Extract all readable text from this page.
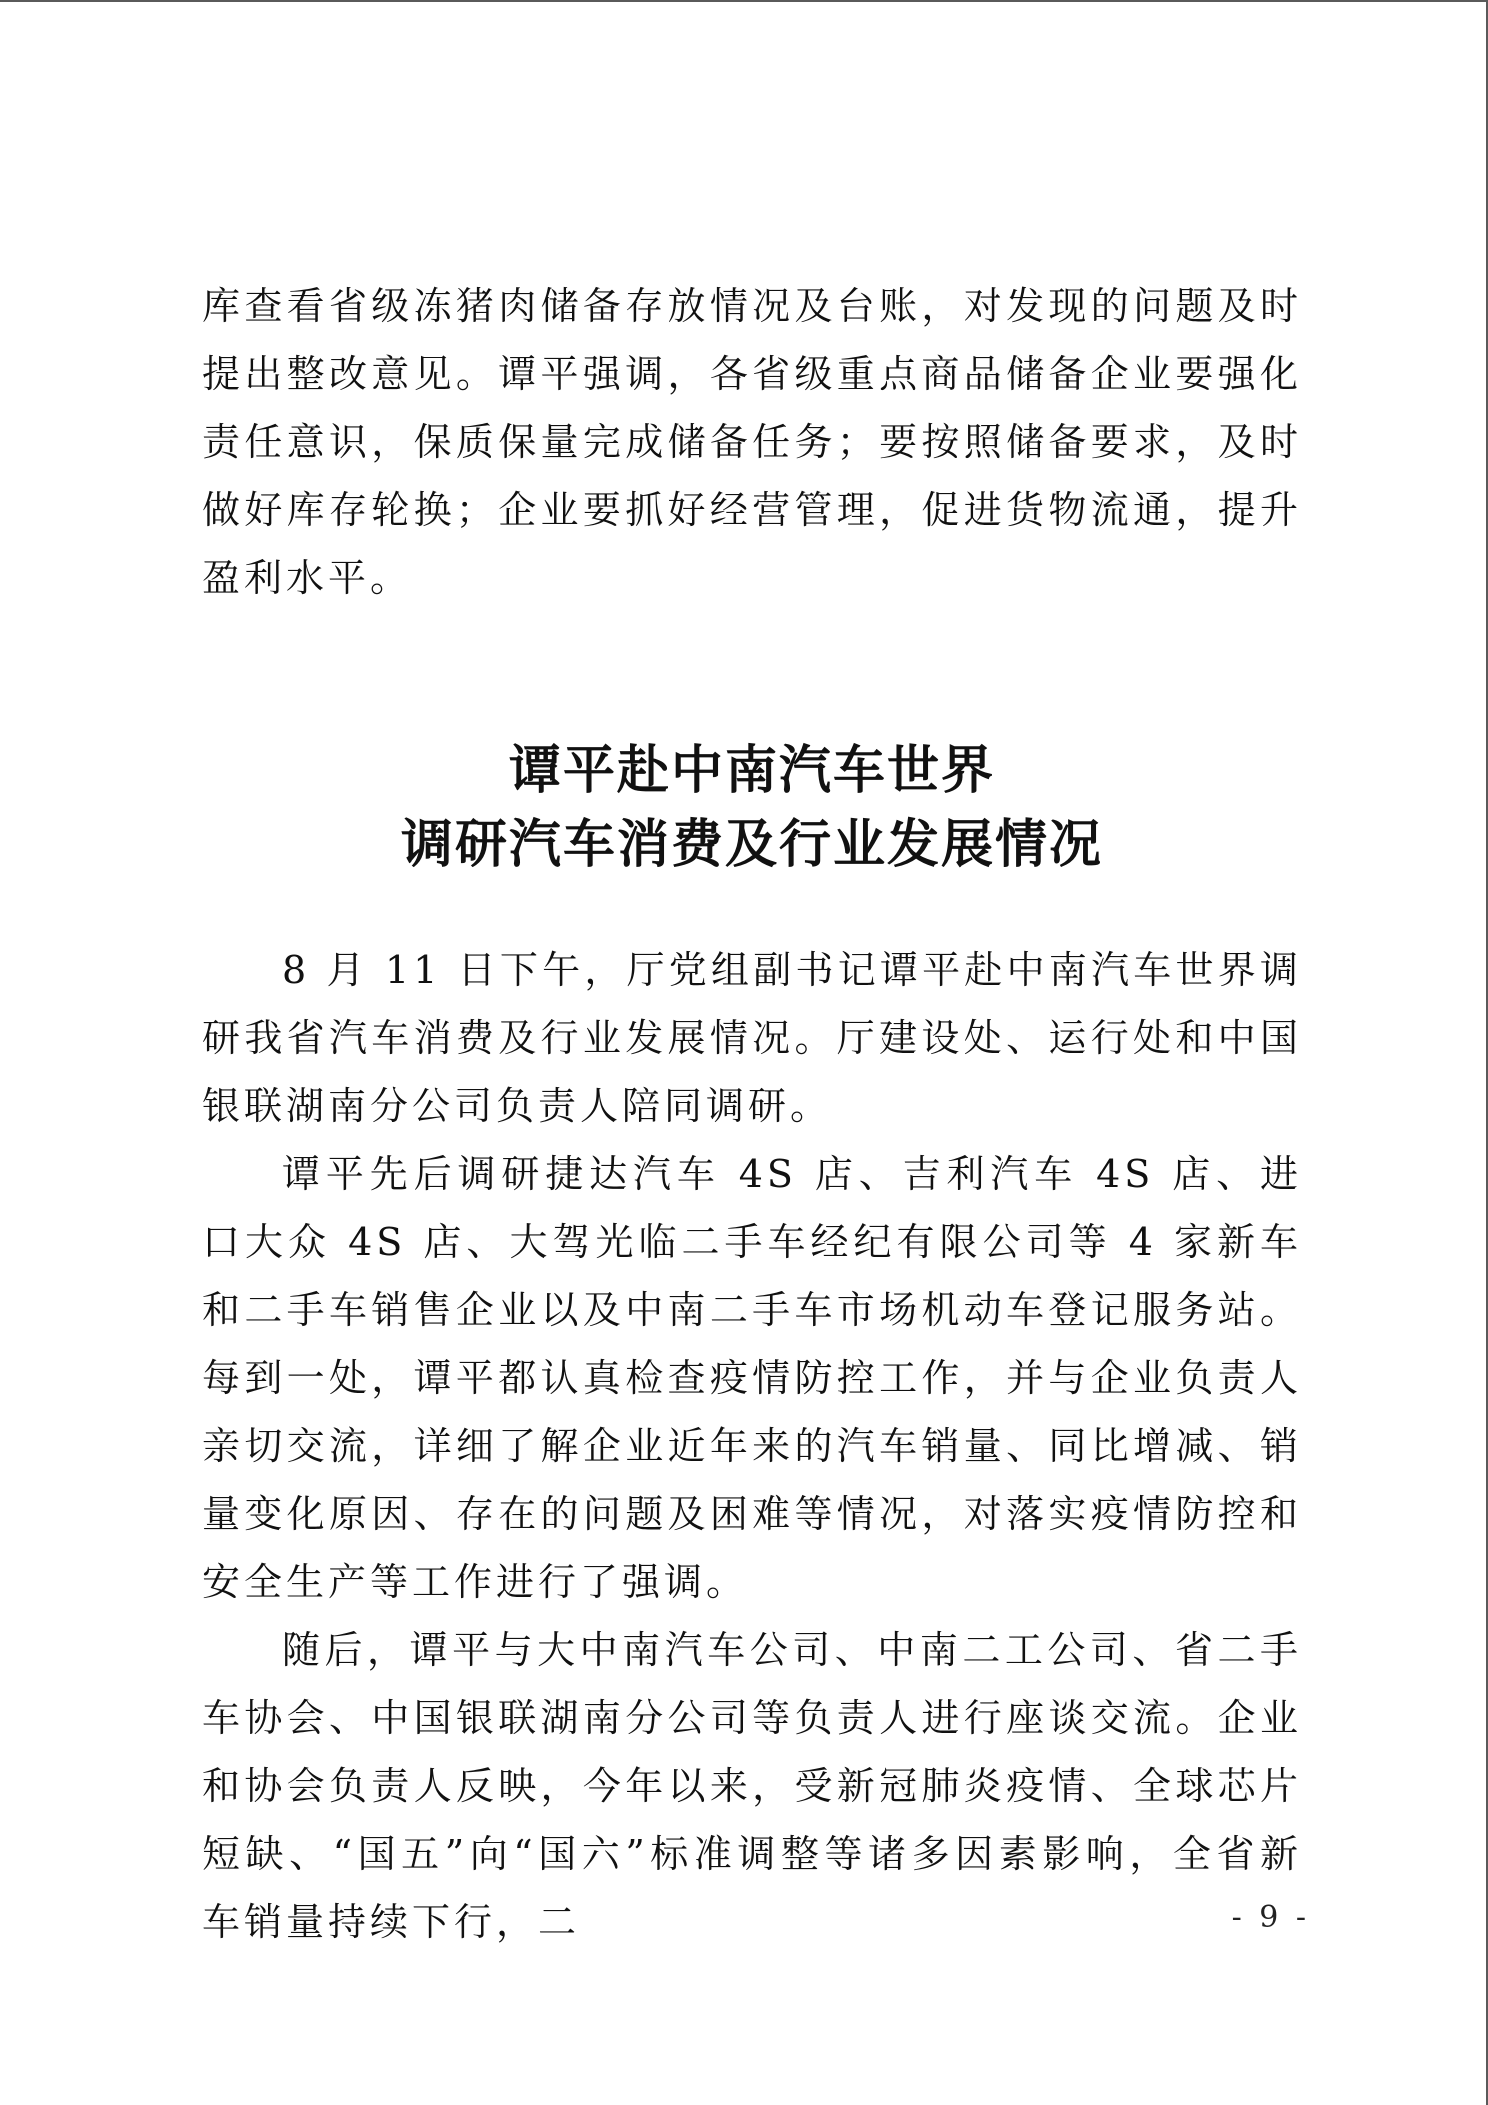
库查看省级冻猪肉储备存放情况及台账，对发现的问题及时提出整改意见。谭平强调，各省级重点商品储备企业要强化责任意识，保质保量完成储备任务；要按照储备要求，及时做好库存轮换；企业要抓好经营管理，促进货物流通，提升盈利水平。

谭平赴中南汽车世界
调研汽车消费及行业发展情况

8 月 11 日下午，厅党组副书记谭平赴中南汽车世界调研我省汽车消费及行业发展情况。厅建设处、运行处和中国银联湖南分公司负责人陪同调研。

谭平先后调研捷达汽车 4S 店、吉利汽车 4S 店、进口大众 4S 店、大驾光临二手车经纪有限公司等 4 家新车和二手车销售企业以及中南二手车市场机动车登记服务站。每到一处，谭平都认真检查疫情防控工作，并与企业负责人亲切交流，详细了解企业近年来的汽车销量、同比增减、销量变化原因、存在的问题及困难等情况，对落实疫情防控和安全生产等工作进行了强调。

随后，谭平与大中南汽车公司、中南二工公司、省二手车协会、中国银联湖南分公司等负责人进行座谈交流。企业和协会负责人反映，今年以来，受新冠肺炎疫情、全球芯片短缺、“国五”向“国六”标准调整等诸多因素影响，全省新车销量持续下行，二	- 9 -
